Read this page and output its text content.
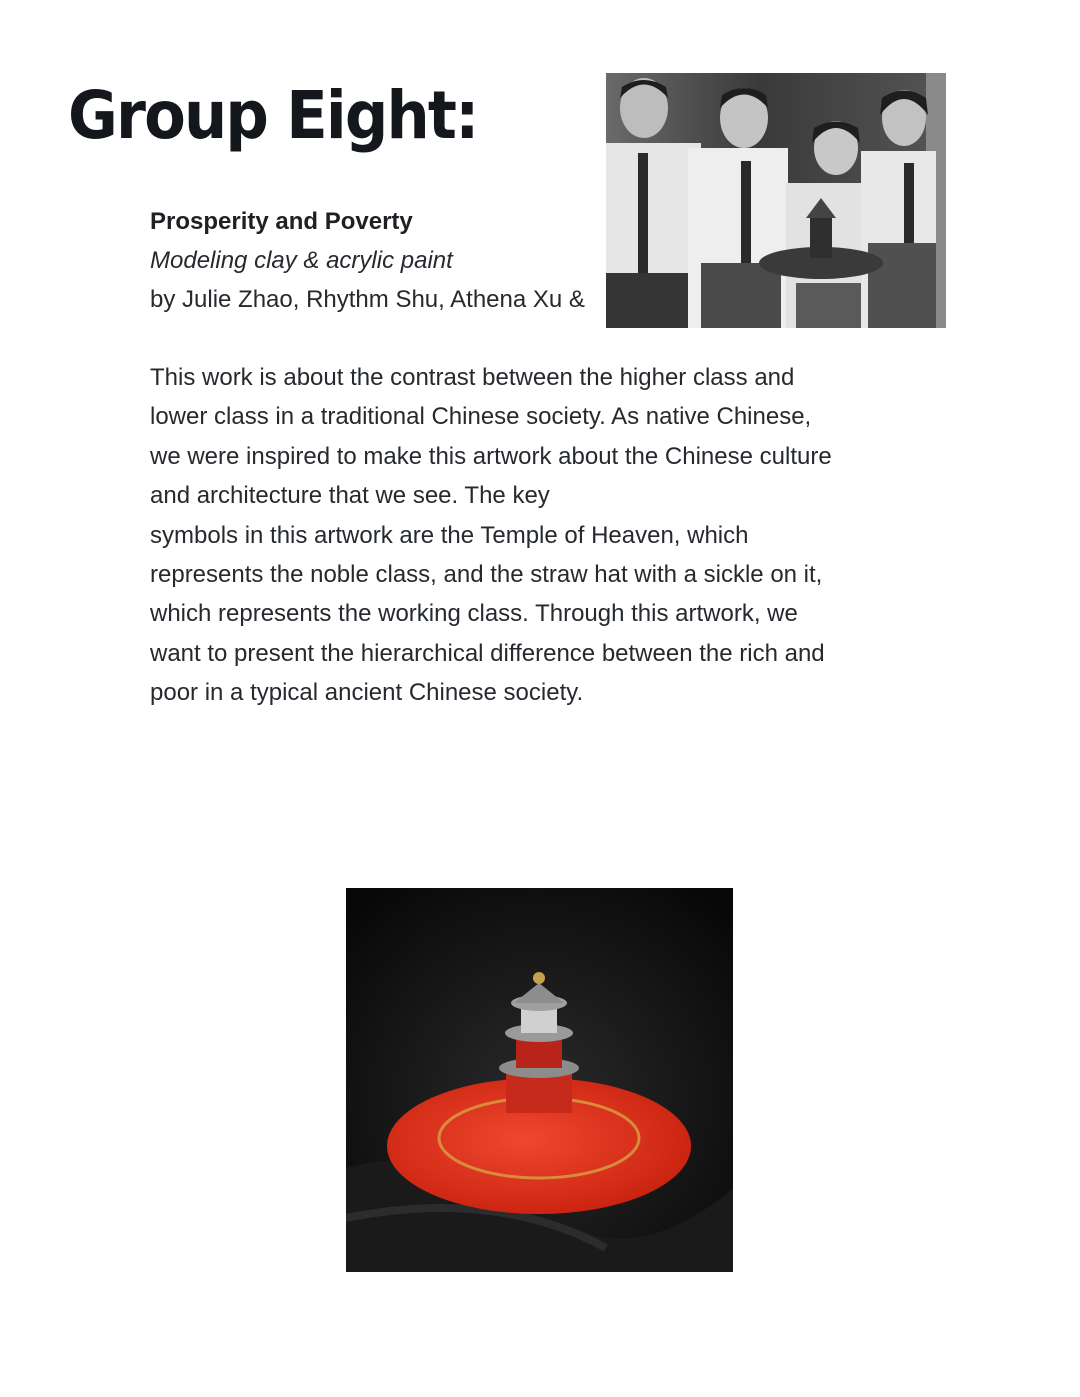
Group Eight:
Prosperity and Poverty
Modeling clay & acrylic paint
by Julie Zhao, Rhythm Shu, Athena Xu &

This work is about the contrast between the higher class and
lower class in a traditional Chinese society. As native Chinese,
we were inspired to make this artwork about the Chinese culture
and architecture that we see. The key
symbols in this artwork are the Temple of Heaven, which
represents the noble class, and the straw hat with a sickle on it,
which represents the working class. Through this artwork, we
want to present the hierarchical difference between the rich and
poor in a typical ancient Chinese society.
